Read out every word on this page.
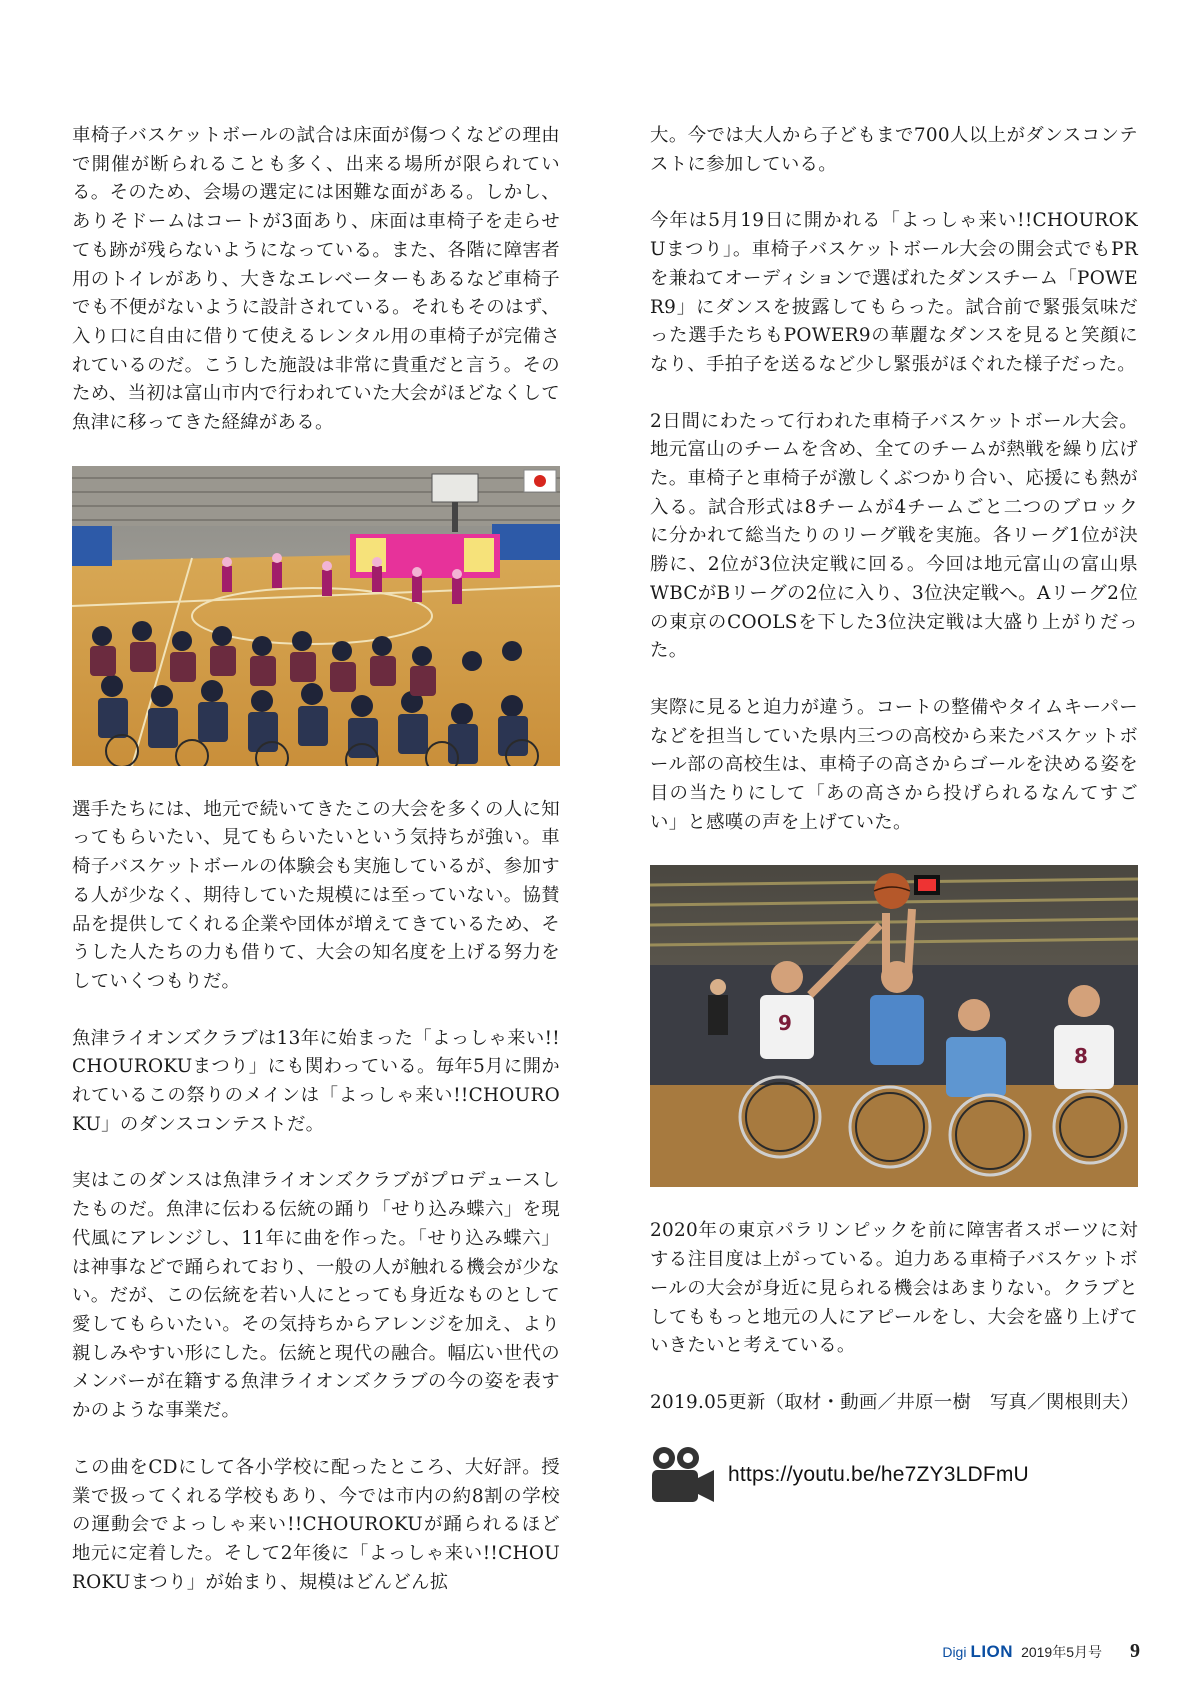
車椅子バスケットボールの試合は床面が傷つくなどの理由で開催が断られることも多く、出来る場所が限られている。そのため、会場の選定には困難な面がある。しかし、ありそドームはコートが3面あり、床面は車椅子を走らせても跡が残らないようになっている。また、各階に障害者用のトイレがあり、大きなエレベーターもあるなど車椅子でも不便がないように設計されている。それもそのはず、入り口に自由に借りて使えるレンタル用の車椅子が完備されているのだ。こうした施設は非常に貴重だと言う。そのため、当初は富山市内で行われていた大会がほどなくして魚津に移ってきた経緯がある。

選手たちには、地元で続いてきたこの大会を多くの人に知ってもらいたい、見てもらいたいという気持ちが強い。車椅子バスケットボールの体験会も実施しているが、参加する人が少なく、期待していた規模には至っていない。協賛品を提供してくれる企業や団体が増えてきているため、そうした人たちの力も借りて、大会の知名度を上げる努力をしていくつもりだ。

魚津ライオンズクラブは13年に始まった「よっしゃ来い!!CHOUROKUまつり」にも関わっている。毎年5月に開かれているこの祭りのメインは「よっしゃ来い!!CHOUROKU」のダンスコンテストだ。

実はこのダンスは魚津ライオンズクラブがプロデュースしたものだ。魚津に伝わる伝統の踊り「せり込み蝶六」を現代風にアレンジし、11年に曲を作った。「せり込み蝶六」は神事などで踊られており、一般の人が触れる機会が少ない。だが、この伝統を若い人にとっても身近なものとして愛してもらいたい。その気持ちからアレンジを加え、より親しみやすい形にした。伝統と現代の融合。幅広い世代のメンバーが在籍する魚津ライオンズクラブの今の姿を表すかのような事業だ。

この曲をCDにして各小学校に配ったところ、大好評。授業で扱ってくれる学校もあり、今では市内の約8割の学校の運動会でよっしゃ来い!!CHOUROKUが踊られるほど地元に定着した。そして2年後に「よっしゃ来い!!CHOUROKUまつり」が始まり、規模はどんどん拡

大。今では大人から子どもまで700人以上がダンスコンテストに参加している。

今年は5月19日に開かれる「よっしゃ来い!!CHOUROKUまつり」。車椅子バスケットボール大会の開会式でもPRを兼ねてオーディションで選ばれたダンスチーム「POWER9」にダンスを披露してもらった。試合前で緊張気味だった選手たちもPOWER9の華麗なダンスを見ると笑顔になり、手拍子を送るなど少し緊張がほぐれた様子だった。

2日間にわたって行われた車椅子バスケットボール大会。地元富山のチームを含め、全てのチームが熱戦を繰り広げた。車椅子と車椅子が激しくぶつかり合い、応援にも熱が入る。試合形式は8チームが4チームごと二つのブロックに分かれて総当たりのリーグ戦を実施。各リーグ1位が決勝に、2位が3位決定戦に回る。今回は地元富山の富山県WBCがBリーグの2位に入り、3位決定戦へ。Aリーグ2位の東京のCOOLSを下した3位決定戦は大盛り上がりだった。

実際に見ると迫力が違う。コートの整備やタイムキーパーなどを担当していた県内三つの高校から来たバスケットボール部の高校生は、車椅子の高さからゴールを決める姿を目の当たりにして「あの高さから投げられるなんてすごい」と感嘆の声を上げていた。

9
8

2020年の東京パラリンピックを前に障害者スポーツに対する注目度は上がっている。迫力ある車椅子バスケットボールの大会が身近に見られる機会はあまりない。クラブとしてももっと地元の人にアピールをし、大会を盛り上げていきたいと考えている。

2019.05更新（取材・動画／井原一樹　写真／関根則夫）

https://youtu.be/he7ZY3LDFmU
Digi LION 2019年5月号 9
